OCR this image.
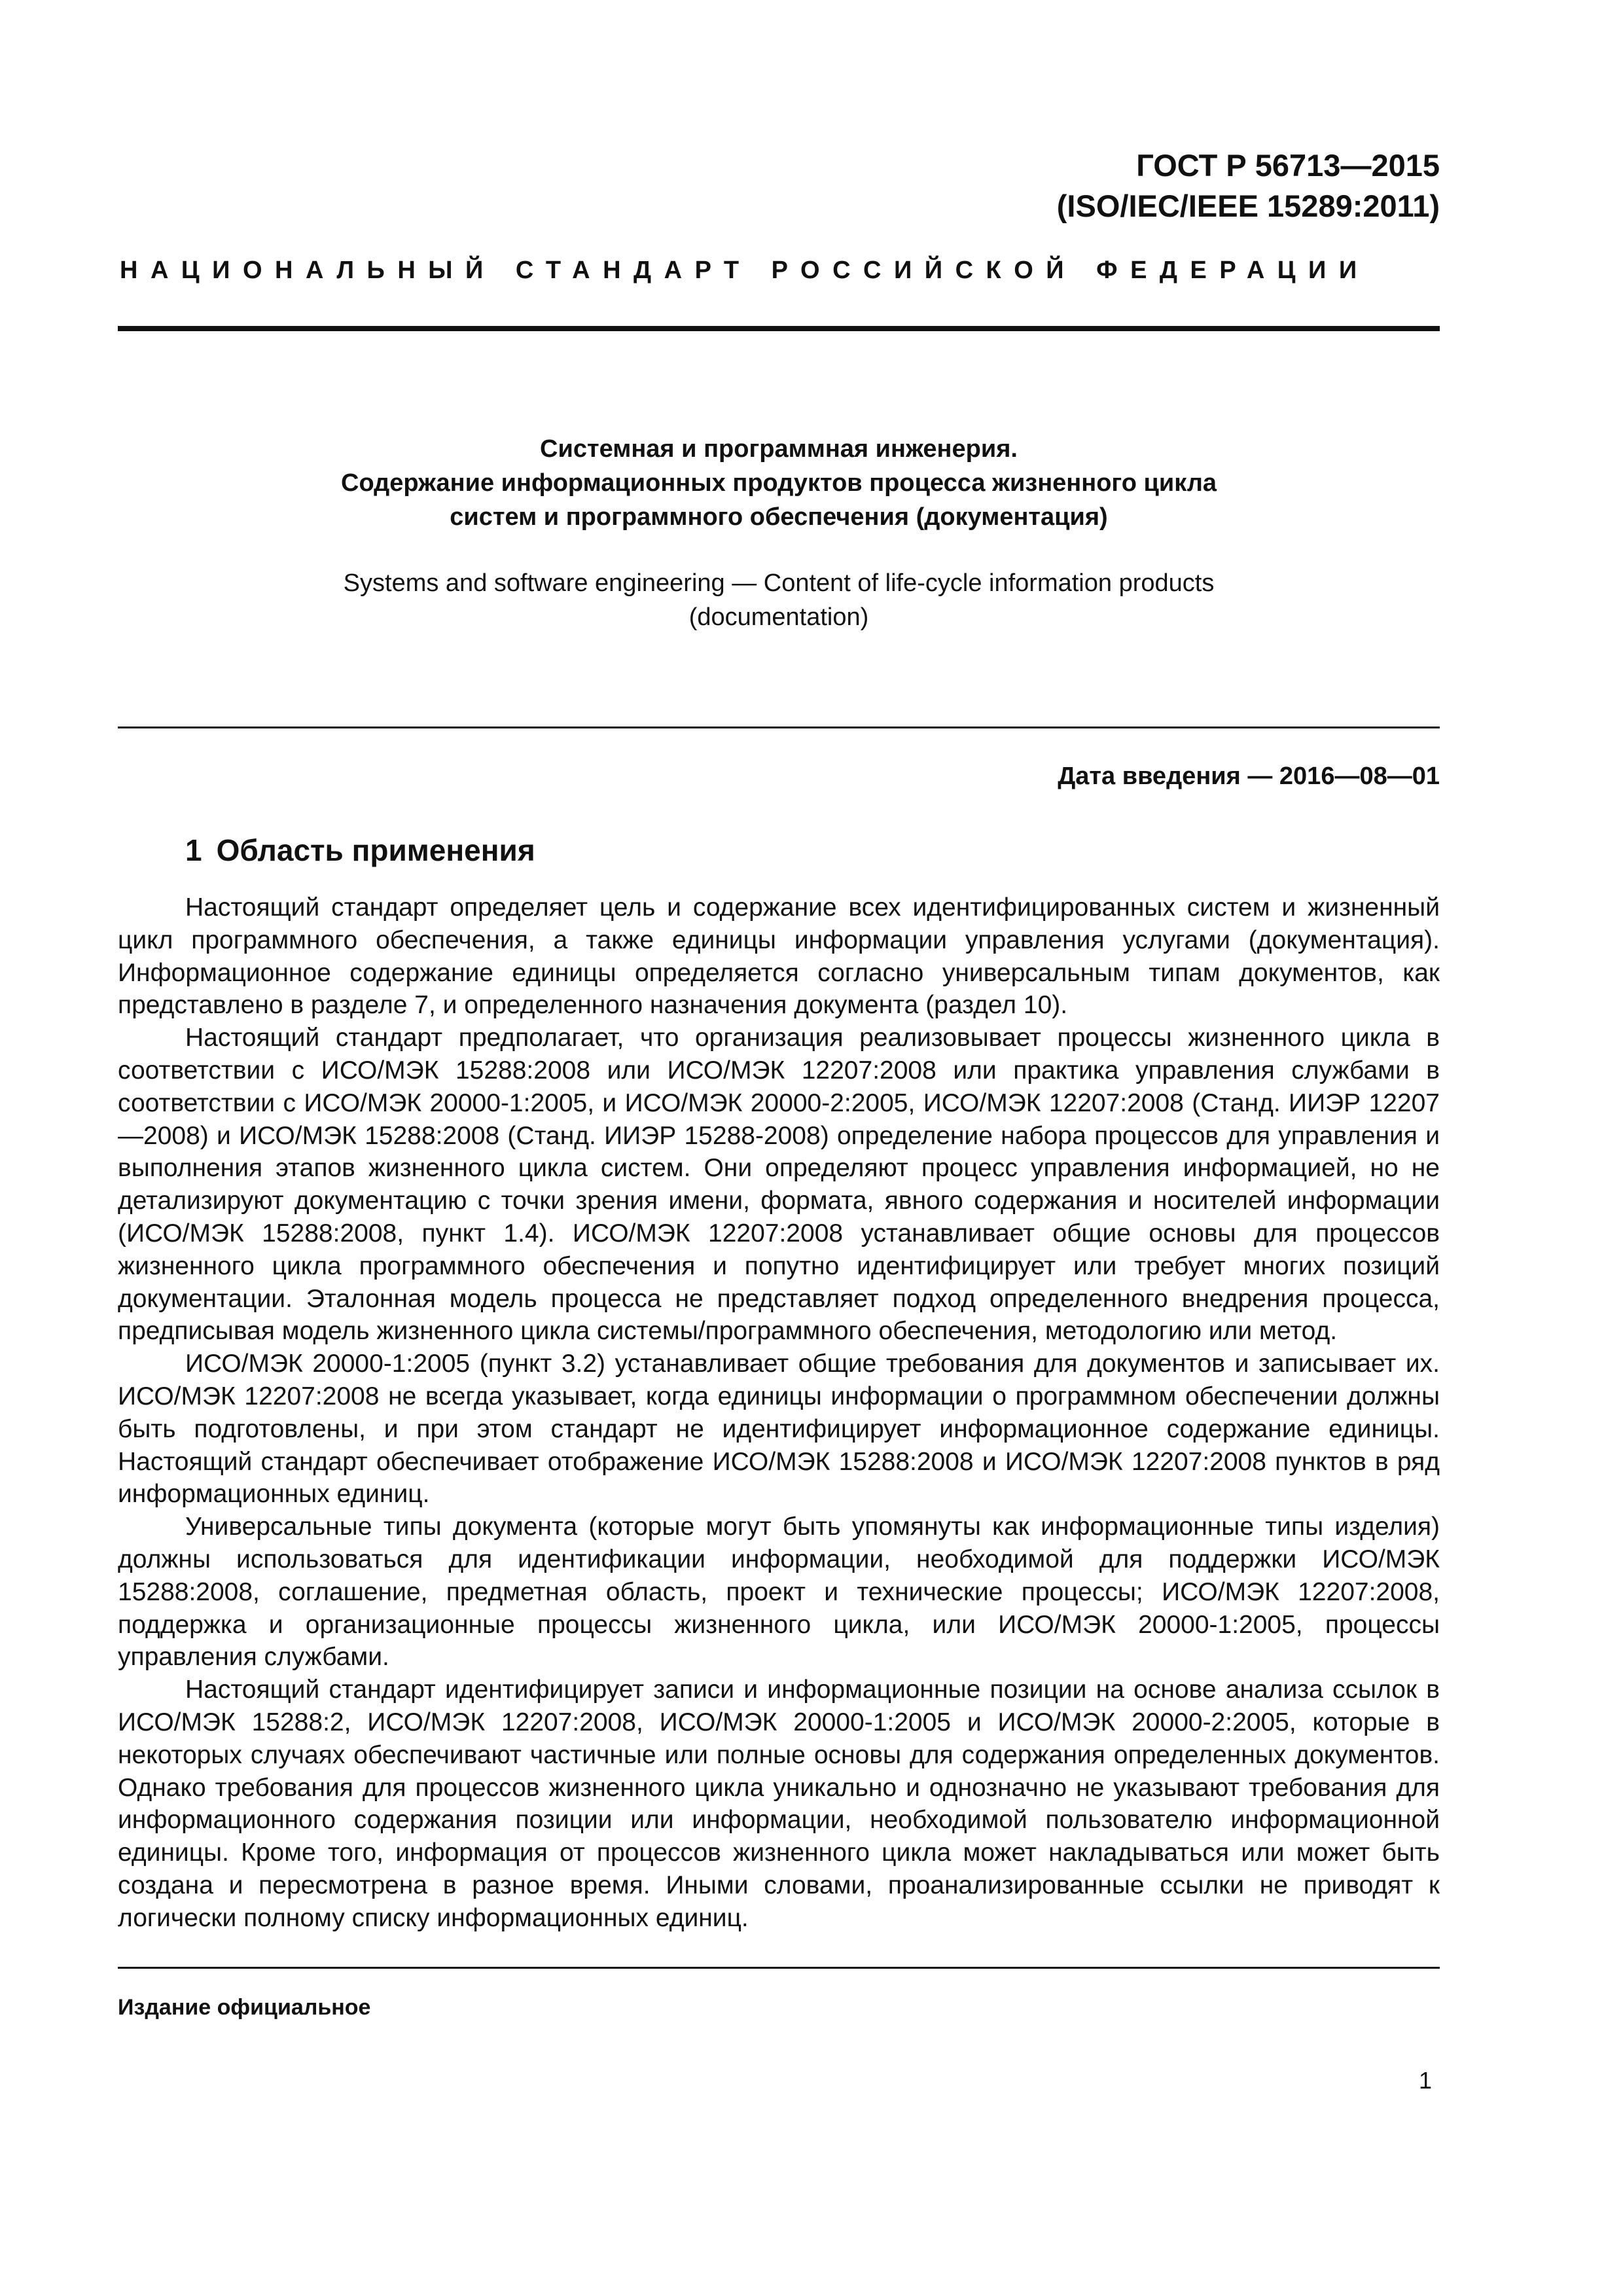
ГОСТ Р 56713—2015
(ISO/IEC/IEEE 15289:2011)
НАЦИОНАЛЬНЫЙ СТАНДАРТ РОССИЙСКОЙ ФЕДЕРАЦИИ
Системная и программная инженерия.
Содержание информационных продуктов процесса жизненного цикла
систем и программного обеспечения (документация)
Systems and software engineering — Content of life-cycle information products
(documentation)
Дата введения — 2016—08—01
1 Область применения

Настоящий стандарт определяет цель и содержание всех идентифицированных систем и жизненный цикл программного обеспечения, а также единицы информации управления услугами (документация). Информационное содержание единицы определяется согласно универсальным типам документов, как представлено в разделе 7, и определенного назначения документа (раздел 10).

Настоящий стандарт предполагает, что организация реализовывает процессы жизненного цикла в соответствии с ИСО/МЭК 15288:2008 или ИСО/МЭК 12207:2008 или практика управления службами в соответствии с ИСО/МЭК 20000-1:2005, и ИСО/МЭК 20000-2:2005, ИСО/МЭК 12207:2008 (Станд. ИИЭР 12207—2008) и ИСО/МЭК 15288:2008 (Станд. ИИЭР 15288-2008) определение набора процессов для управления и выполнения этапов жизненного цикла систем. Они определяют процесс управления информацией, но не детализируют документацию с точки зрения имени, формата, явного содержания и носителей информации (ИСО/МЭК 15288:2008, пункт 1.4). ИСО/МЭК 12207:2008 устанавливает общие основы для процессов жизненного цикла программного обеспечения и попутно идентифицирует или требует многих позиций документации. Эталонная модель процесса не представляет подход определенного внедрения процесса, предписывая модель жизненного цикла системы/программного обеспечения, методологию или метод.

ИСО/МЭК 20000-1:2005 (пункт 3.2) устанавливает общие требования для документов и записывает их. ИСО/МЭК 12207:2008 не всегда указывает, когда единицы информации о программном обеспечении должны быть подготовлены, и при этом стандарт не идентифицирует информационное содержание единицы. Настоящий стандарт обеспечивает отображение ИСО/МЭК 15288:2008 и ИСО/МЭК 12207:2008 пунктов в ряд информационных единиц.

Универсальные типы документа (которые могут быть упомянуты как информационные типы изделия) должны использоваться для идентификации информации, необходимой для поддержки ИСО/МЭК 15288:2008, соглашение, предметная область, проект и технические процессы; ИСО/МЭК 12207:2008, поддержка и организационные процессы жизненного цикла, или ИСО/МЭК 20000-1:2005, процессы управления службами.

Настоящий стандарт идентифицирует записи и информационные позиции на основе анализа ссылок в ИСО/МЭК 15288:2, ИСО/МЭК 12207:2008, ИСО/МЭК 20000-1:2005 и ИСО/МЭК 20000-2:2005, которые в некоторых случаях обеспечивают частичные или полные основы для содержания определенных документов. Однако требования для процессов жизненного цикла уникально и однозначно не указывают требования для информационного содержания позиции или информации, необходимой пользователю информационной единицы. Кроме того, информация от процессов жизненного цикла может накладываться или может быть создана и пересмотрена в разное время. Иными словами, проанализированные ссылки не приводят к логически полному списку информационных единиц.

Издание официальное
1
